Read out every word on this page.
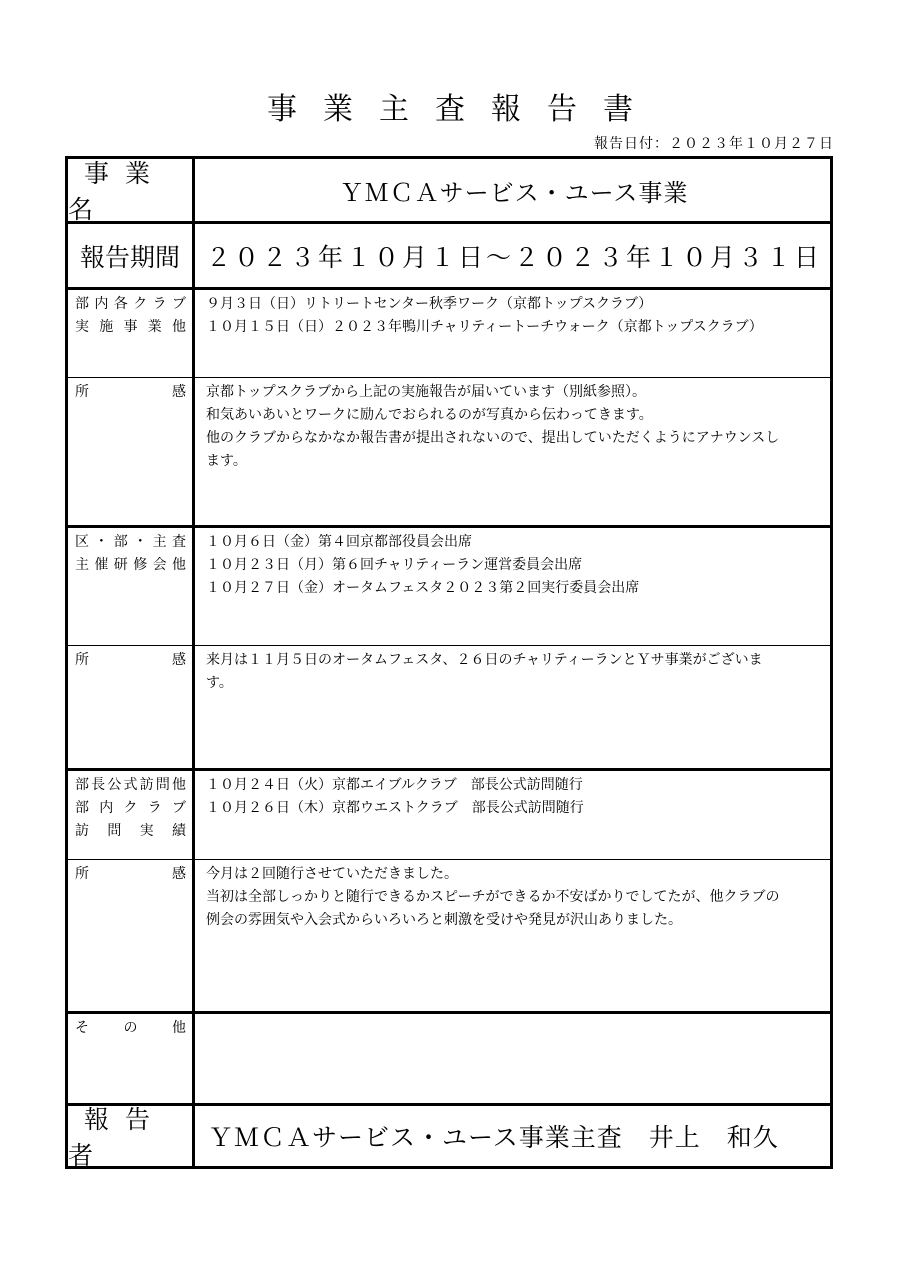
事業主査報告書
報告日付：２０２３年１０月２７日
事業名
ＹＭＣＡサービス・ユース事業
報告期間	２０２３年１０月１日〜２０２３年１０月３１日
部内各クラブ
実施事業他
９月３日（日）リトリートセンター秋季ワーク（京都トップスクラブ）
１０月１５日（日）２０２３年鴨川チャリティートーチウォーク（京都トップスクラブ）
所感 京都トップスクラブから上記の実施報告が届いています（別紙参照）。
和気あいあいとワークに励んでおられるのが写真から伝わってきます。
他のクラブからなかなか報告書が提出されないので、提出していただくようにアナウンスし
ます。
区・部・主査
主催研修会他
１０月６日（金）第４回京都部役員会出席
１０月２３日（月）第６回チャリティーラン運営委員会出席
１０月２７日（金）オータムフェスタ２０２３第２回実行委員会出席
所感 来月は１１月５日のオータムフェスタ、２６日のチャリティーランとＹサ事業がございま
す。
部長公式訪問他
部内クラブ
訪問実績
１０月２４日（火）京都エイブルクラブ　部長公式訪問随行
１０月２６日（木）京都ウエストクラブ　部長公式訪問随行
所感 今月は２回随行させていただきました。
当初は全部しっかりと随行できるかスピーチができるか不安ばかりでしてたが、他クラブの
例会の雰囲気や入会式からいろいろと刺激を受けや発見が沢山ありました。
その他
報告者
ＹＭＣＡサービス・ユース事業主査　井上　和久
